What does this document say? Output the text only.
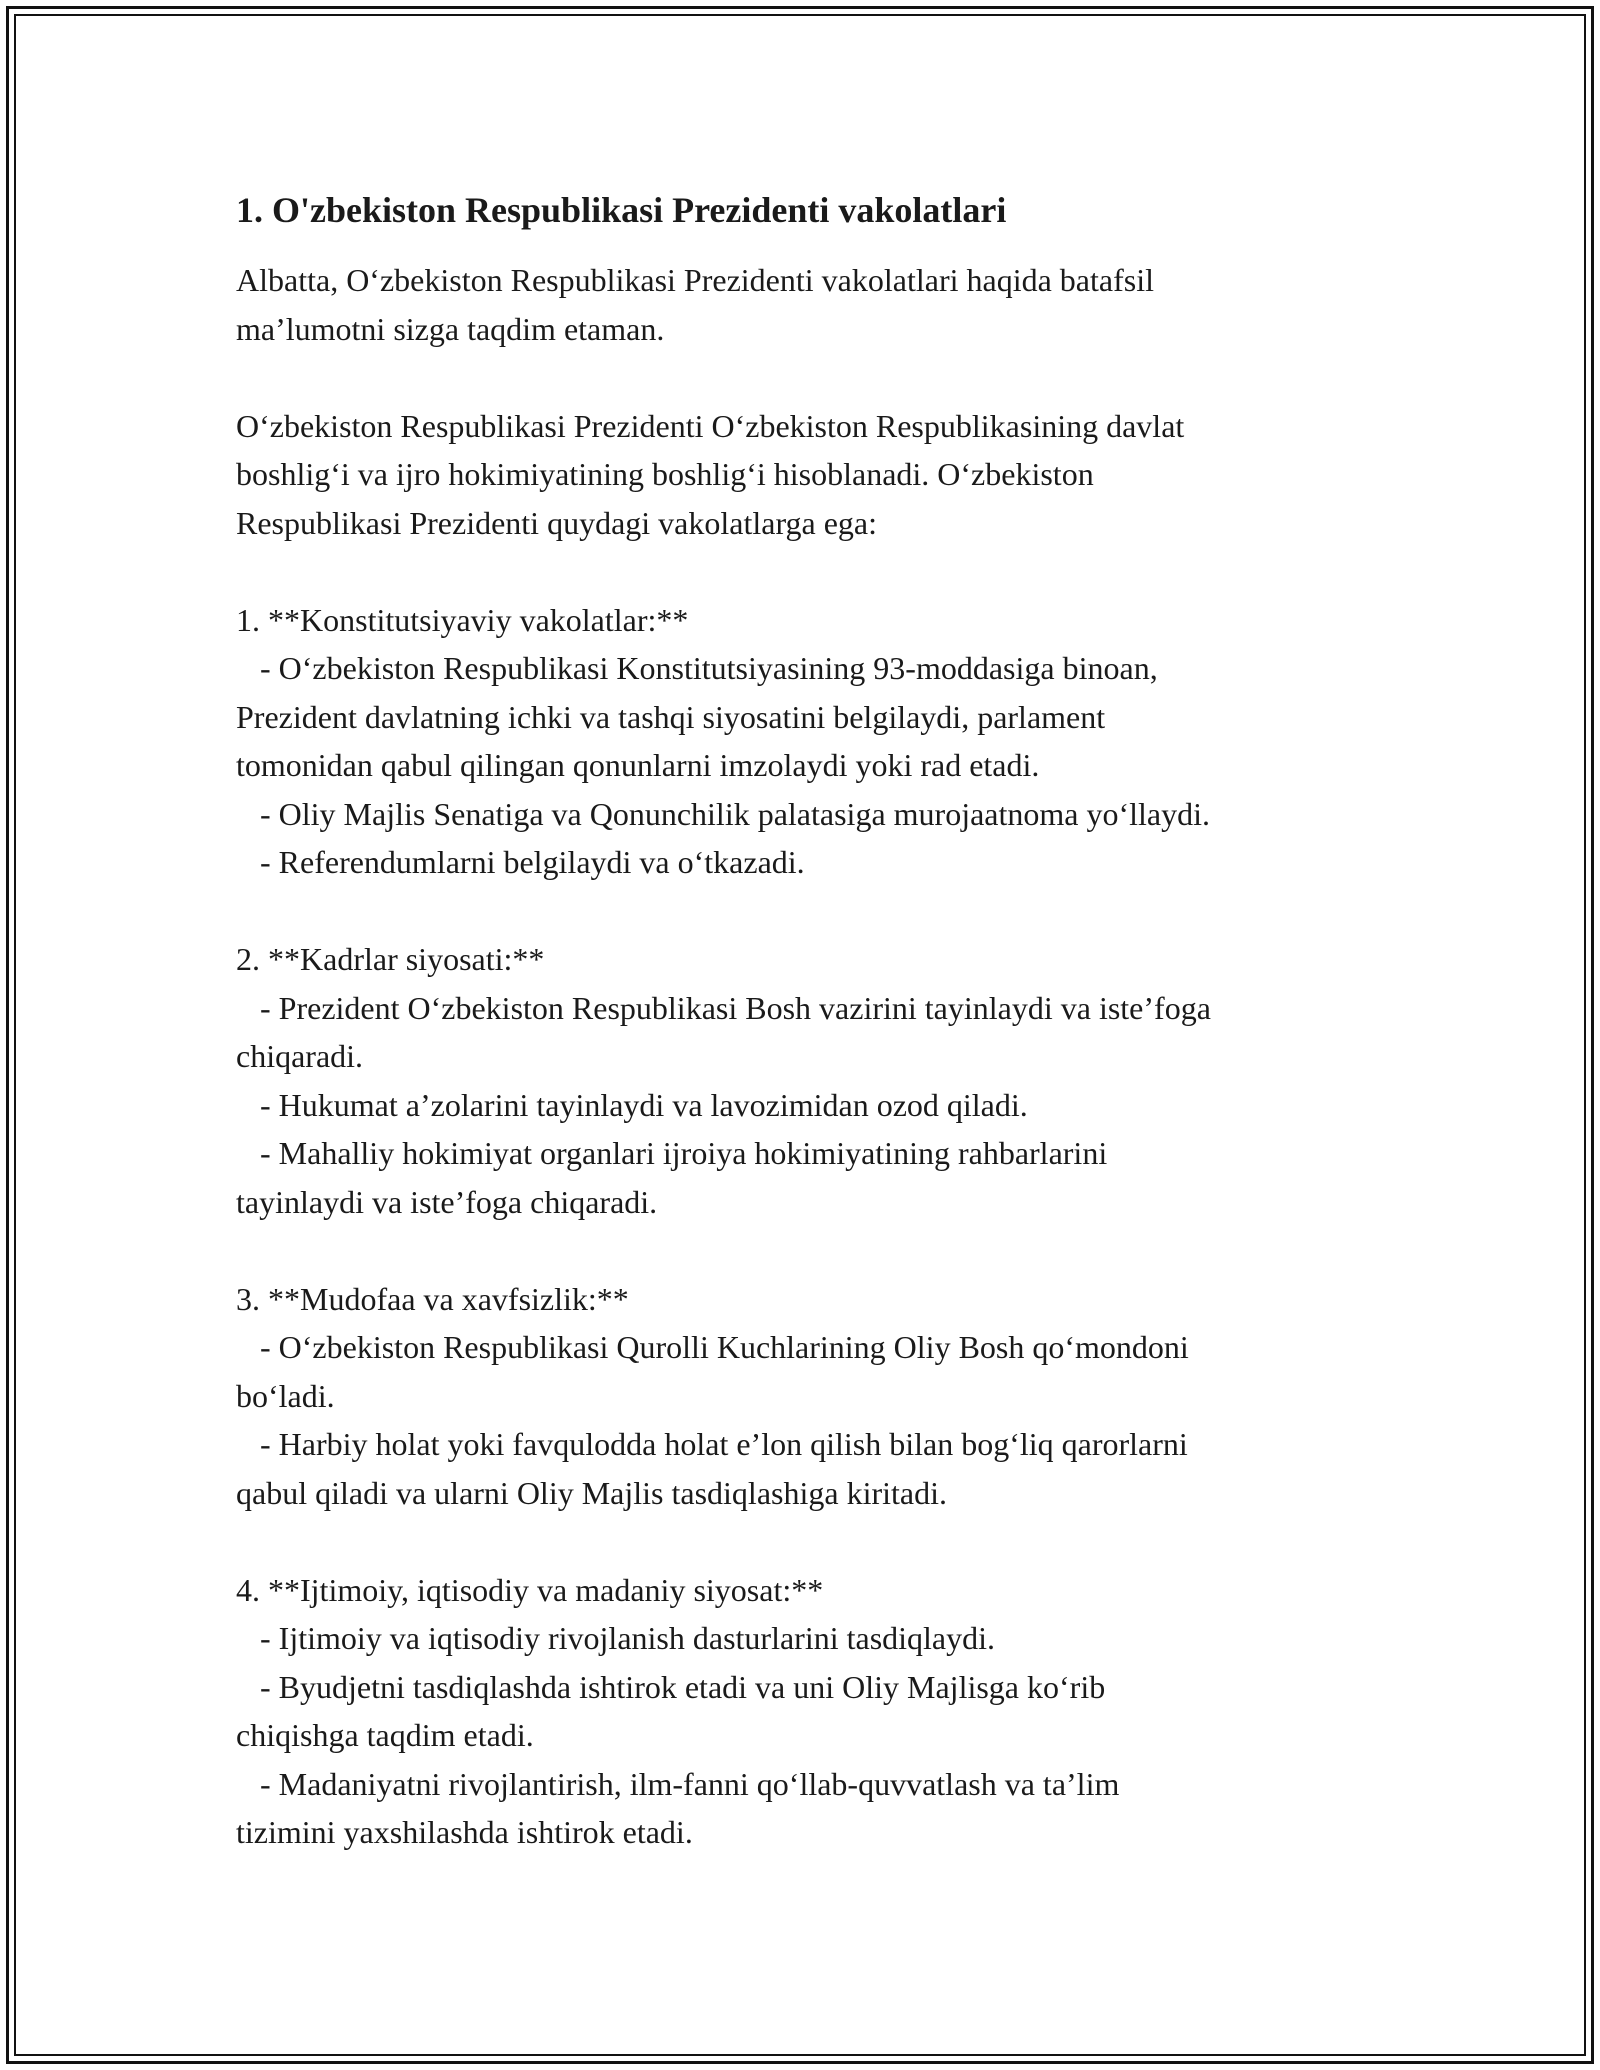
1. O'zbekiston Respublikasi Prezidenti vakolatlari
Albatta, O‘zbekiston Respublikasi Prezidenti vakolatlari haqida batafsil
ma’lumotni sizga taqdim etaman.
O‘zbekiston Respublikasi Prezidenti O‘zbekiston Respublikasining davlat
boshlig‘i va ijro hokimiyatining boshlig‘i hisoblanadi. O‘zbekiston
Respublikasi Prezidenti quydagi vakolatlarga ega:
1. **Konstitutsiyaviy vakolatlar:**
- O‘zbekiston Respublikasi Konstitutsiyasining 93-moddasiga binoan,
Prezident davlatning ichki va tashqi siyosatini belgilaydi, parlament
tomonidan qabul qilingan qonunlarni imzolaydi yoki rad etadi.
- Oliy Majlis Senatiga va Qonunchilik palatasiga murojaatnoma yo‘llaydi.
- Referendumlarni belgilaydi va o‘tkazadi.
2. **Kadrlar siyosati:**
- Prezident O‘zbekiston Respublikasi Bosh vazirini tayinlaydi va iste’foga
chiqaradi.
- Hukumat a’zolarini tayinlaydi va lavozimidan ozod qiladi.
- Mahalliy hokimiyat organlari ijroiya hokimiyatining rahbarlarini
tayinlaydi va iste’foga chiqaradi.
3. **Mudofaa va xavfsizlik:**
- O‘zbekiston Respublikasi Qurolli Kuchlarining Oliy Bosh qo‘mondoni
bo‘ladi.
- Harbiy holat yoki favqulodda holat e’lon qilish bilan bog‘liq qarorlarni
qabul qiladi va ularni Oliy Majlis tasdiqlashiga kiritadi.
4. **Ijtimoiy, iqtisodiy va madaniy siyosat:**
- Ijtimoiy va iqtisodiy rivojlanish dasturlarini tasdiqlaydi.
- Byudjetni tasdiqlashda ishtirok etadi va uni Oliy Majlisga ko‘rib
chiqishga taqdim etadi.
- Madaniyatni rivojlantirish, ilm-fanni qo‘llab-quvvatlash va ta’lim
tizimini yaxshilashda ishtirok etadi.
